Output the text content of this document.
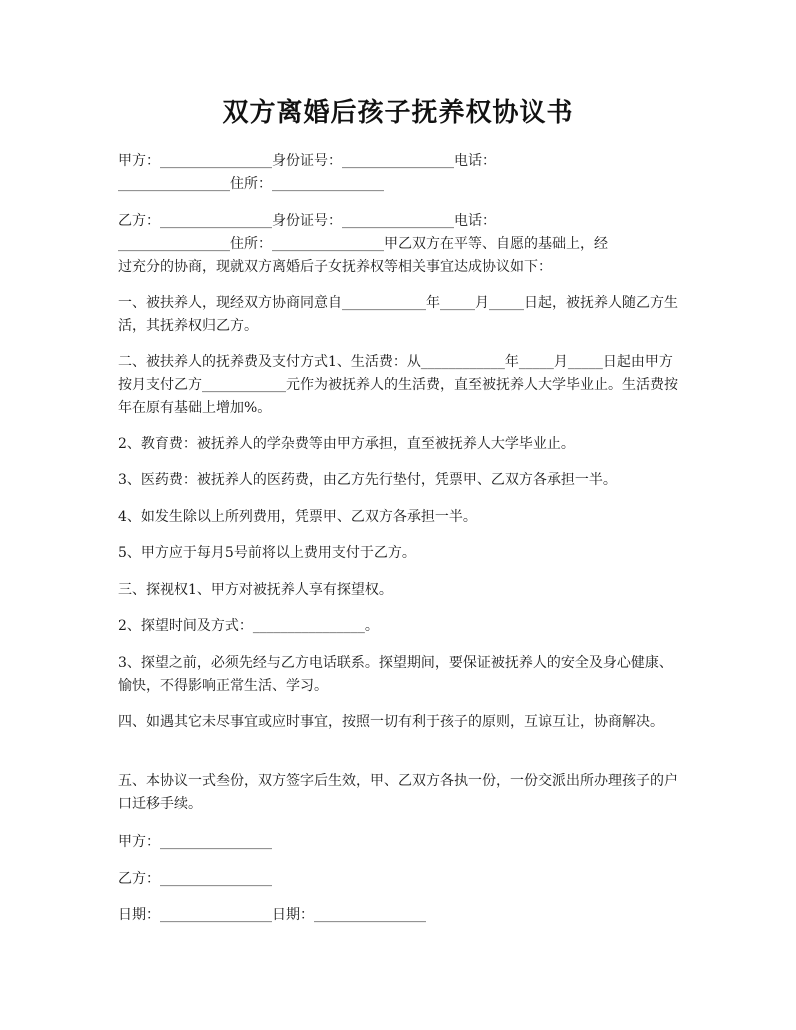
双方离婚后孩子抚养权协议书
甲方：________________身份证号：________________电话：
________________住所：________________
乙方：________________身份证号：________________电话：
________________住所：________________甲乙双方在平等、自愿的基础上，经
过充分的协商，现就双方离婚后子女抚养权等相关事宜达成协议如下：

一、被扶养人，现经双方协商同意自____________年_____月_____日起，被抚养人随乙方生活，其抚养权归乙方。

二、被扶养人的抚养费及支付方式1、生活费：从____________年_____月_____日起由甲方按月支付乙方____________元作为被抚养人的生活费，直至被抚养人大学毕业止。生活费按年在原有基础上增加%。

2、教育费：被抚养人的学杂费等由甲方承担，直至被抚养人大学毕业止。

3、医药费：被抚养人的医药费，由乙方先行垫付，凭票甲、乙双方各承担一半。

4、如发生除以上所列费用，凭票甲、乙双方各承担一半。

5、甲方应于每月5号前将以上费用支付于乙方。

三、探视权1、甲方对被抚养人享有探望权。

2、探望时间及方式：________________。

3、探望之前，必须先经与乙方电话联系。探望期间，要保证被抚养人的安全及身心健康、愉快，不得影响正常生活、学习。

四、如遇其它未尽事宜或应时事宜，按照一切有利于孩子的原则，互谅互让，协商解决。

五、本协议一式叁份，双方签字后生效，甲、乙双方各执一份，一份交派出所办理孩子的户口迁移手续。

甲方：________________

乙方：________________

日期：________________日期：________________
